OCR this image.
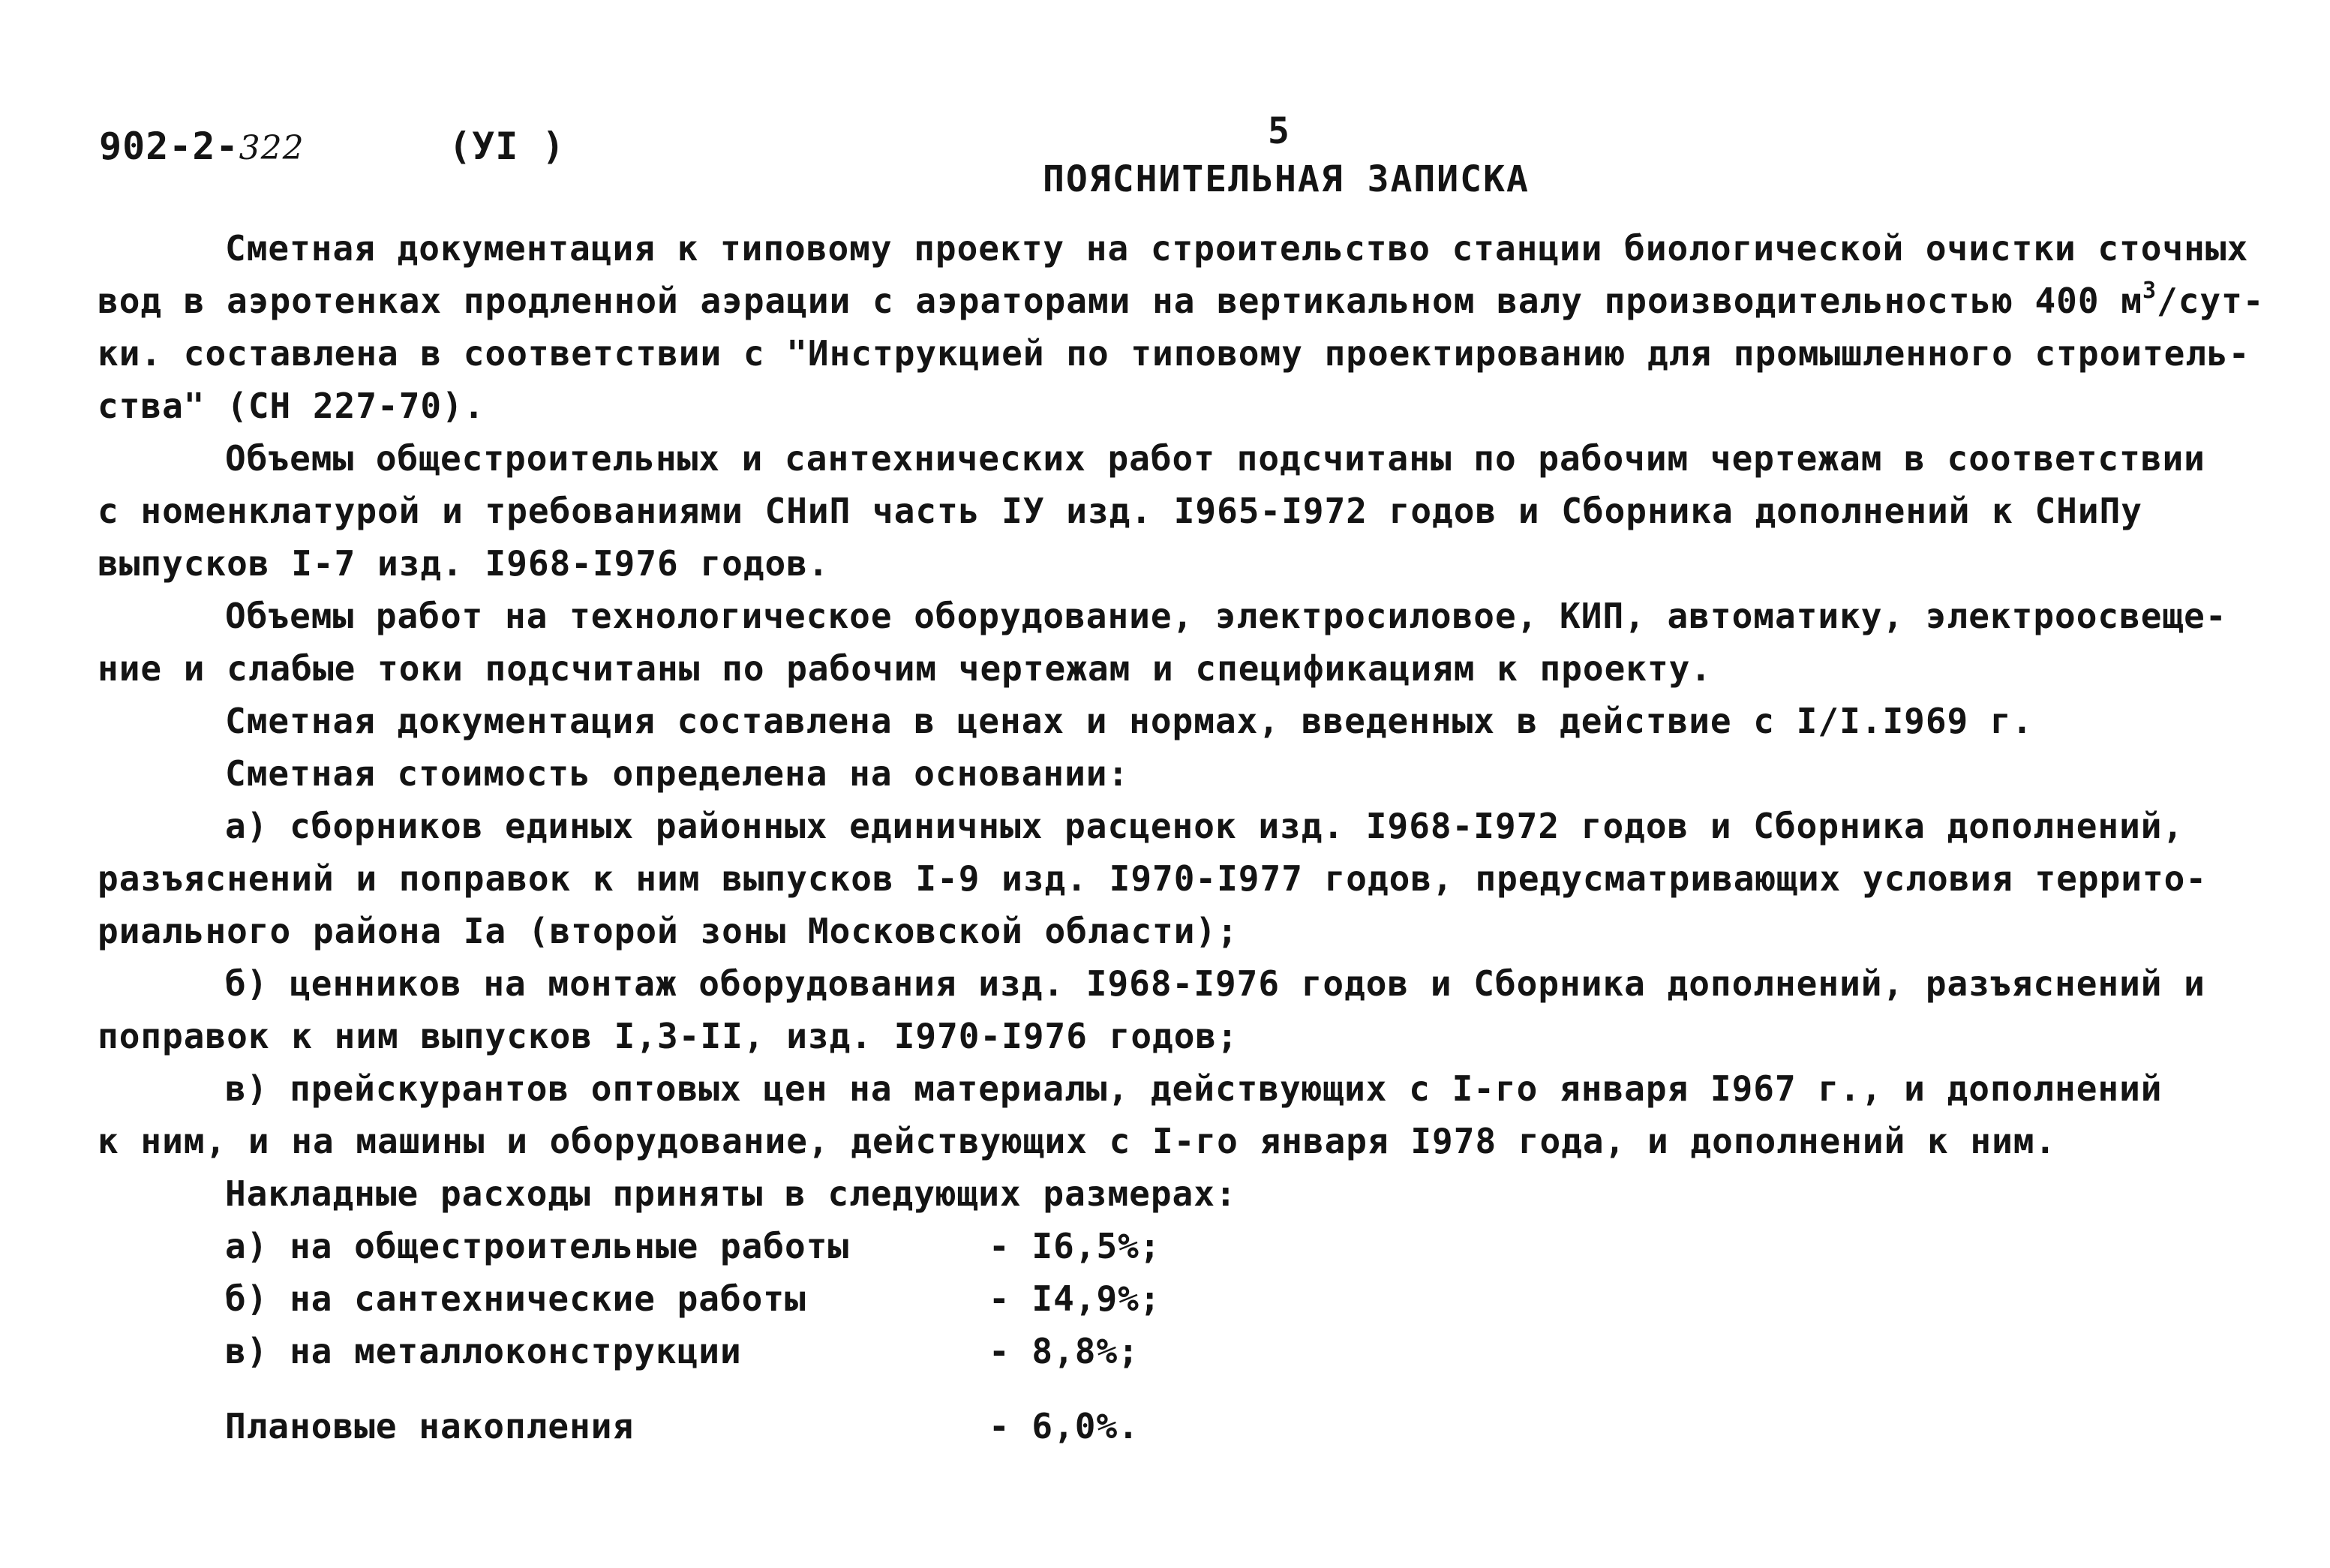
902-2-322	(УI )	5
ПОЯСНИТЕЛЬНАЯ ЗАПИСКА
Сметная документация к типовому проекту на строительство станции биологической очистки сточных
вод в аэротенках продленной аэрации с аэраторами на вертикальном валу производительностью 400 $м^3/сут-$
ки. составлена в соответствии с "Инструкцией по типовому проектированию для промышленного строитель-
ства" (СН 227-70).
Объемы общестроительных и сантехнических работ подсчитаны по рабочим чертежам в соответствии
с номенклатурой и требованиями СНиП часть IУ изд. I965-I972 годов и Сборника дополнений к СНиПу
выпусков I-7 изд. I968-I976 годов.
Объемы работ на технологическое оборудование, электросиловое, КИП, автоматику, электроосвеще-
ние и слабые токи подсчитаны по рабочим чертежам и спецификациям к проекту.
Сметная документация составлена в ценах и нормах, введенных в действие с I/I.I969 г.
Сметная стоимость определена на основании:
а) сборников единых районных единичных расценок изд. I968-I972 годов и Сборника дополнений,
разъяснений и поправок к ним выпусков I-9 изд. I970-I977 годов, предусматривающих условия террито-
риального района Iа (второй зоны Московской области);
б) ценников на монтаж оборудования изд. I968-I976 годов и Сборника дополнений, разъяснений и
поправок к ним выпусков I,3-II, изд. I970-I976 годов;
в) прейскурантов оптовых цен на материалы, действующих с I-го января I967 г., и дополнений
к ним, и на машины и оборудование, действующих с I-го января I978 года, и дополнений к ним.
Накладные расходы приняты в следующих размерах:
а) на общестроительные работы	- I6,5%;
б) на сантехнические работы	- I4,9%;
в) на металлоконструкции	- 8,8%;
Плановые накопления	- 6,0%.
